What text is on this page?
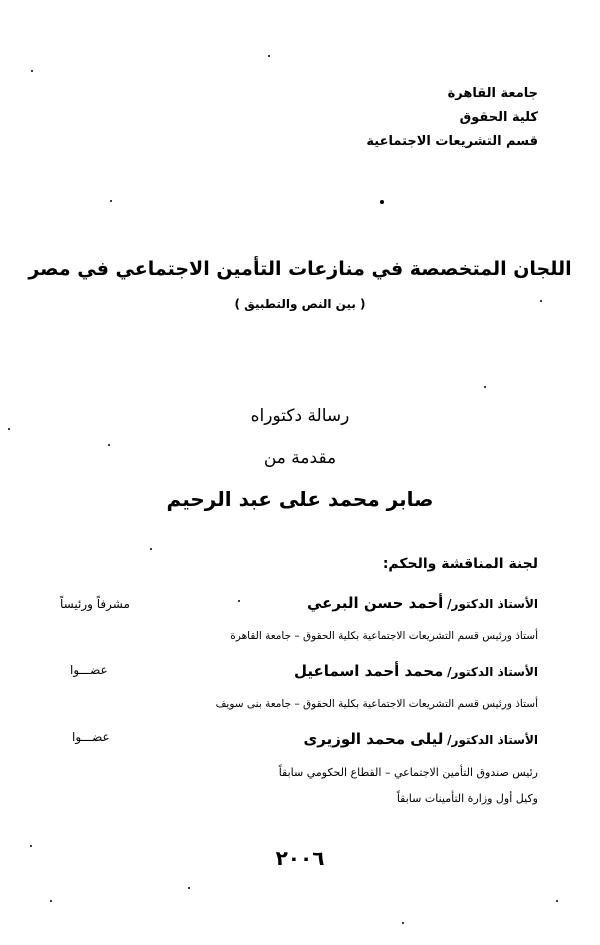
جامعة القاهرة
كلية الحقوق
قسم التشريعات الاجتماعية
اللجان المتخصصة في منازعات التأمين الاجتماعي في مصر
( بين النص والتطبيق )
رسالة دكتوراه
مقدمة من
صابر محمد على عبد الرحيم
لجنة المناقشة والحكم:
الأستاذ الدكتور/ أحمد حسن البرعي
مشرفاً ورئيساً
أستاذ ورئيس قسم التشريعات الاجتماعية بكلية الحقوق – جامعة القاهرة
الأستاذ الدكتور/ محمد أحمد اسماعيل
عضـــوا
أستاذ ورئيس قسم التشريعات الاجتماعية بكلية الحقوق – جامعة بنى سويف
الأستاذ الدكتور/ ليلى محمد الوزيرى
عضـــوا
رئيس صندوق التأمين الاجتماعي – القطاع الحكومي سابقاً
وكيل أول وزارة التأمينات سابقاً
٢٠٠٦
